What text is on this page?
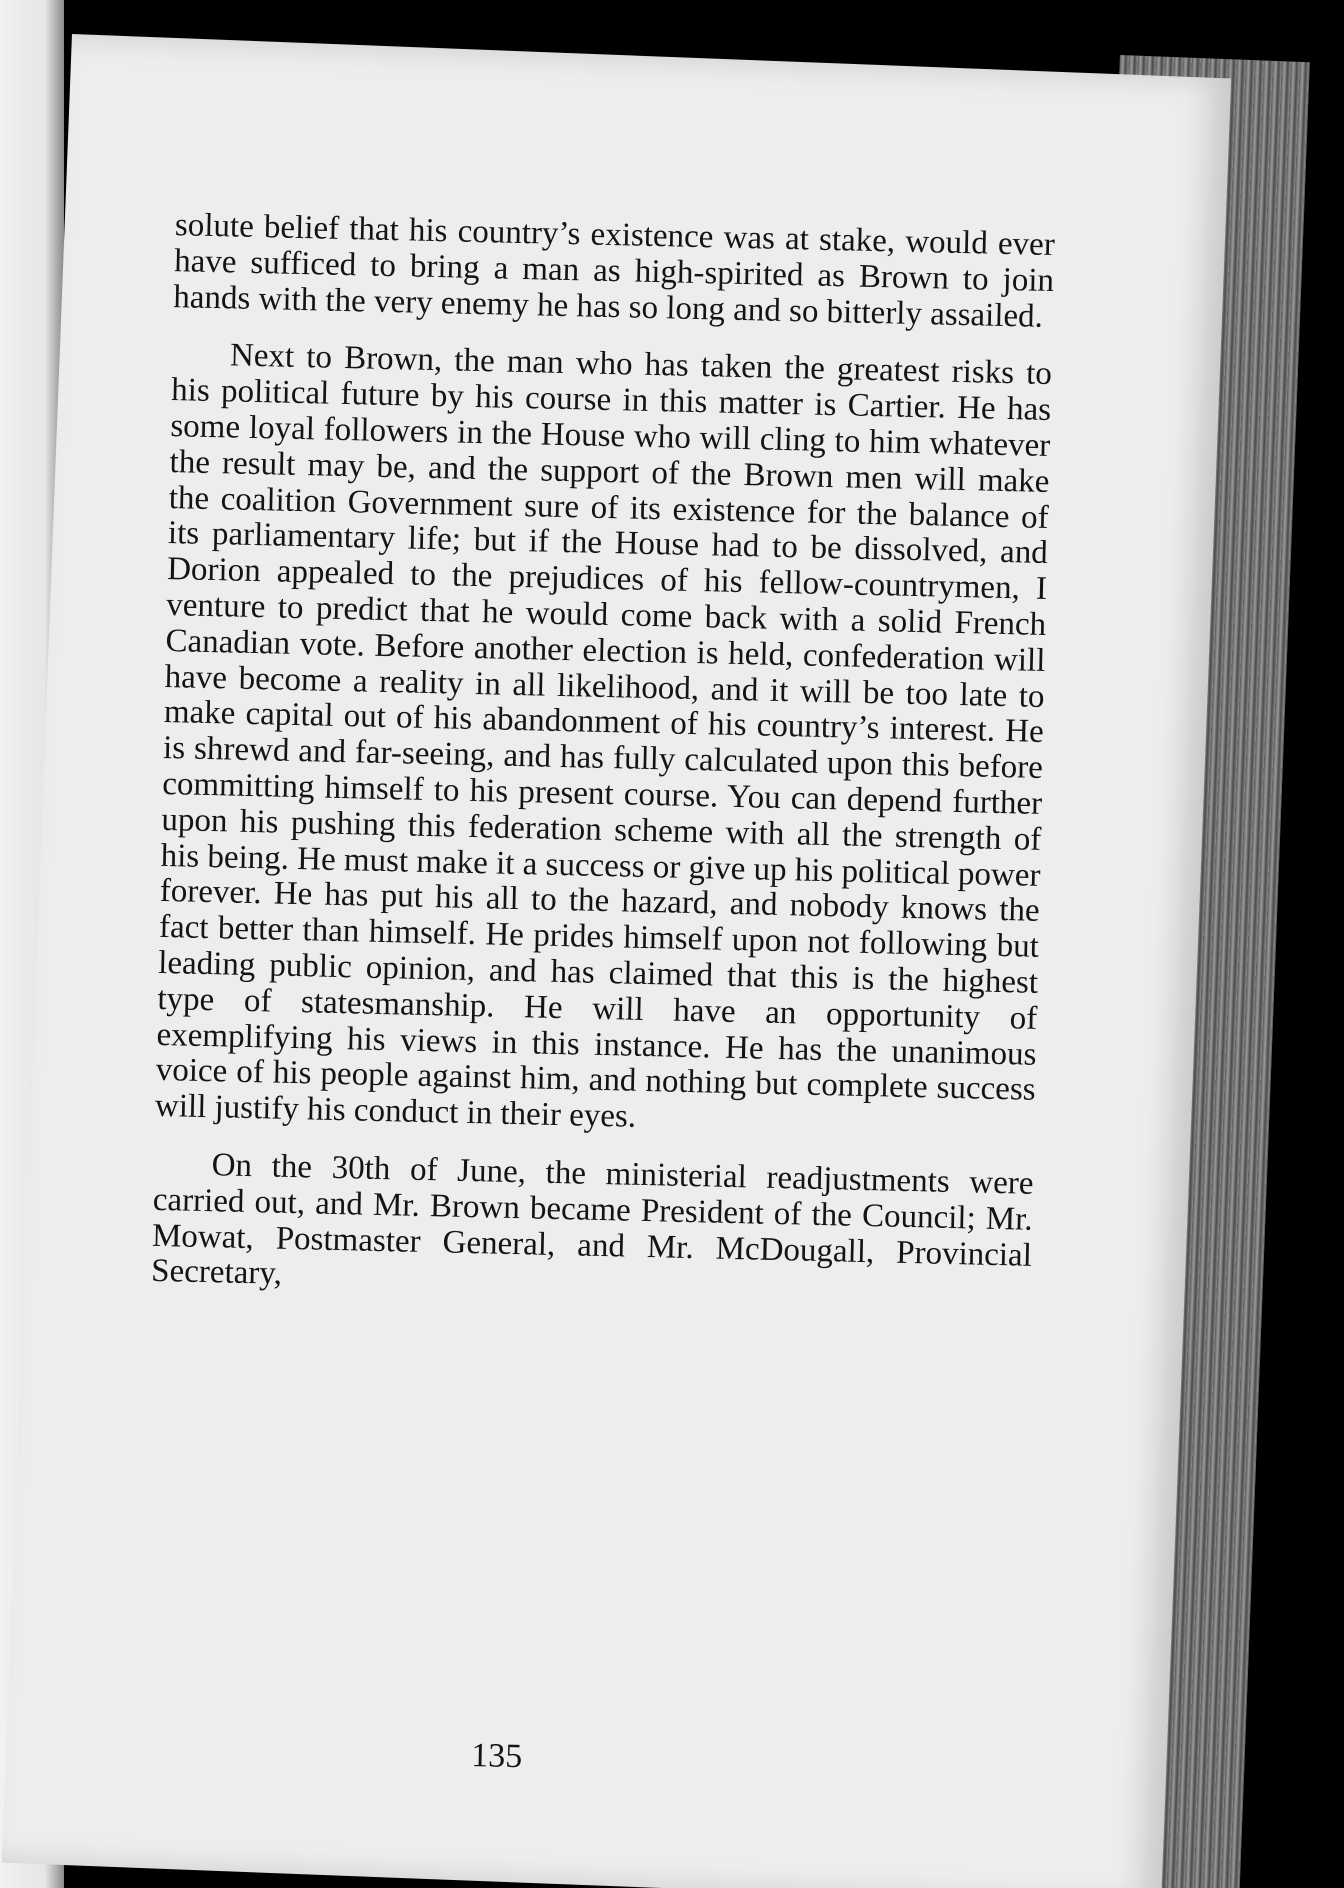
solute belief that his country’s existence was at stake, would ever have sufficed to bring a man as high-spirited as Brown to join hands with the very enemy he has so long and so bitterly assailed.

Next to Brown, the man who has taken the greatest risks to his political future by his course in this matter is Cartier. He has some loyal followers in the House who will cling to him whatever the result may be, and the support of the Brown men will make the coalition Government sure of its existence for the balance of its parliamentary life; but if the House had to be dissolved, and Dorion appealed to the prejudices of his fellow-countrymen, I venture to predict that he would come back with a solid French Canadian vote. Before another election is held, confederation will have become a reality in all likelihood, and it will be too late to make capital out of his abandonment of his country’s interest. He is shrewd and far-seeing, and has fully calculated upon this before committing himself to his present course. You can depend further upon his pushing this federation scheme with all the strength of his being. He must make it a success or give up his political power forever. He has put his all to the hazard, and nobody knows the fact better than himself. He prides himself upon not following but leading public opinion, and has claimed that this is the highest type of statesmanship. He will have an opportunity of exemplifying his views in this instance. He has the unanimous voice of his people against him, and nothing but complete success will justify his conduct in their eyes.

On the 30th of June, the ministerial readjustments were carried out, and Mr. Brown became President of the Council; Mr. Mowat, Postmaster General, and Mr. McDougall, Provincial Secretary,

135
